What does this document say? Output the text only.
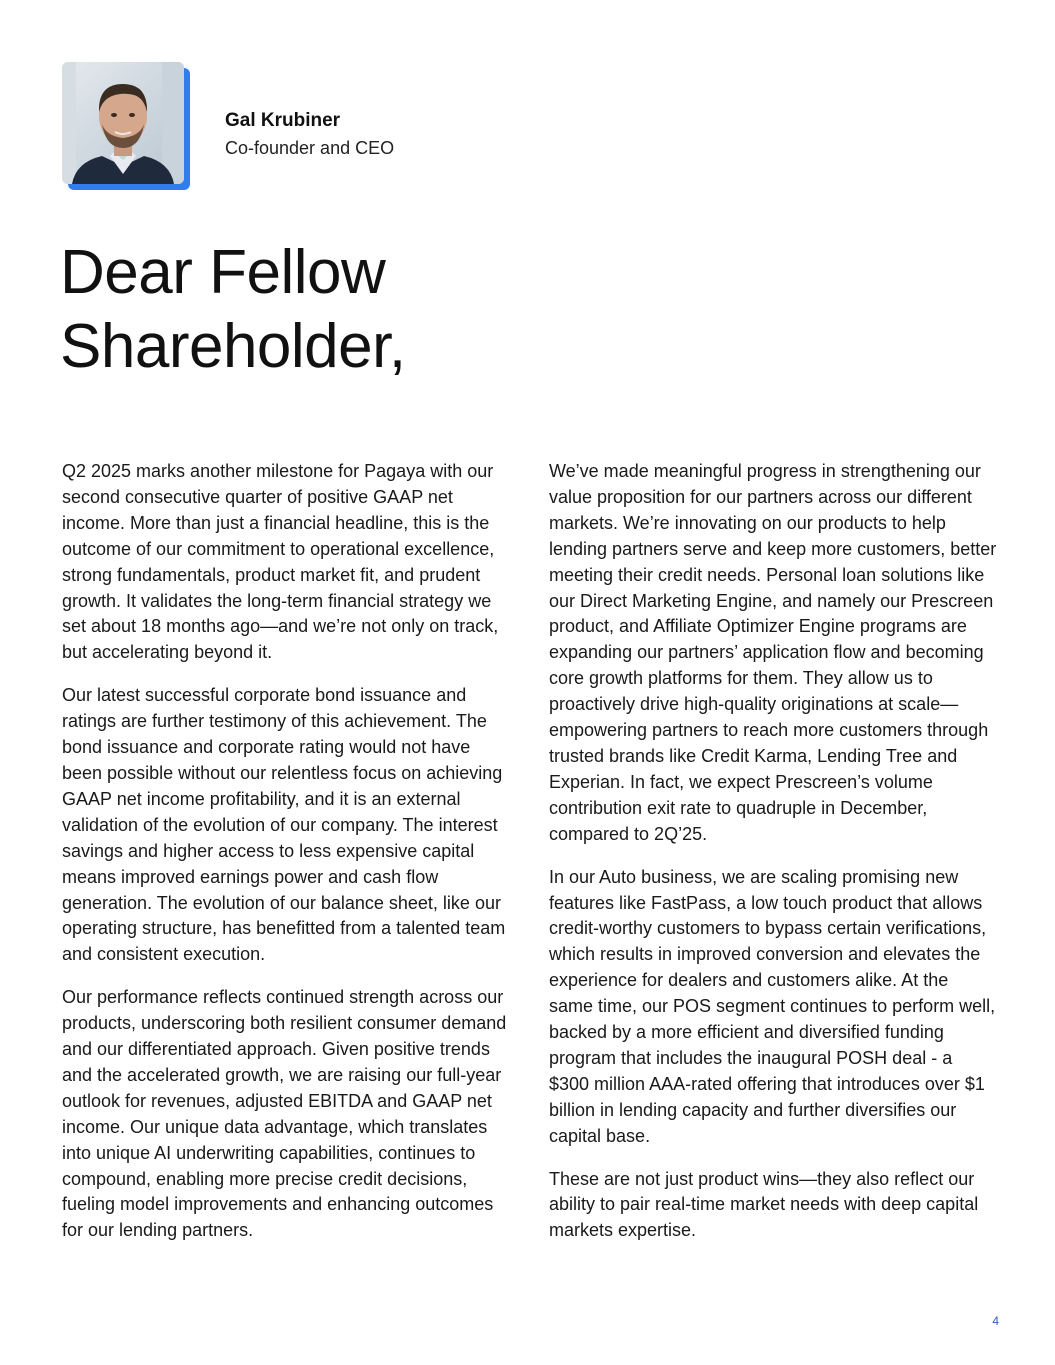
Gal Krubiner
Co-founder and CEO
Dear Fellow
Shareholder,

Q2 2025 marks another milestone for Pagaya with our second consecutive quarter of positive GAAP net income. More than just a financial headline, this is the outcome of our commitment to operational excellence, strong fundamentals, product market fit, and prudent growth. It validates the long-term financial strategy we set about 18 months ago—and we’re not only on track, but accelerating beyond it.

Our latest successful corporate bond issuance and ratings are further testimony of this achievement. The bond issuance and corporate rating would not have been possible without our relentless focus on achieving GAAP net income profitability, and it is an external validation of the evolution of our company. The interest savings and higher access to less expensive capital means improved earnings power and cash flow generation. The evolution of our balance sheet, like our operating structure, has benefitted from a talented team and consistent execution.

Our performance reflects continued strength across our products, underscoring both resilient consumer demand and our differentiated approach. Given positive trends and the accelerated growth, we are raising our full-year outlook for revenues, adjusted EBITDA and GAAP net income. Our unique data advantage, which translates into unique AI underwriting capabilities, continues to compound, enabling more precise credit decisions, fueling model improvements and enhancing outcomes for our lending partners.

We’ve made meaningful progress in strengthening our value proposition for our partners across our different markets. We’re innovating on our products to help lending partners serve and keep more customers, better meeting their credit needs. Personal loan solutions like our Direct Marketing Engine, and namely our Prescreen product, and Affiliate Optimizer Engine programs are expanding our partners’ application flow and becoming core growth platforms for them. They allow us to proactively drive high-quality originations at scale—empowering partners to reach more customers through trusted brands like Credit Karma, Lending Tree and Experian. In fact, we expect Prescreen’s volume contribution exit rate to quadruple in December, compared to 2Q’25.

In our Auto business, we are scaling promising new features like FastPass, a low touch product that allows credit-worthy customers to bypass certain verifications, which results in improved conversion and elevates the experience for dealers and customers alike. At the same time, our POS segment continues to perform well, backed by a more efficient and diversified funding program that includes the inaugural POSH deal - a $300 million AAA-rated offering that introduces over $1 billion in lending capacity and further diversifies our capital base.

These are not just product wins—they also reflect our ability to pair real-time market needs with deep capital markets expertise.

4
